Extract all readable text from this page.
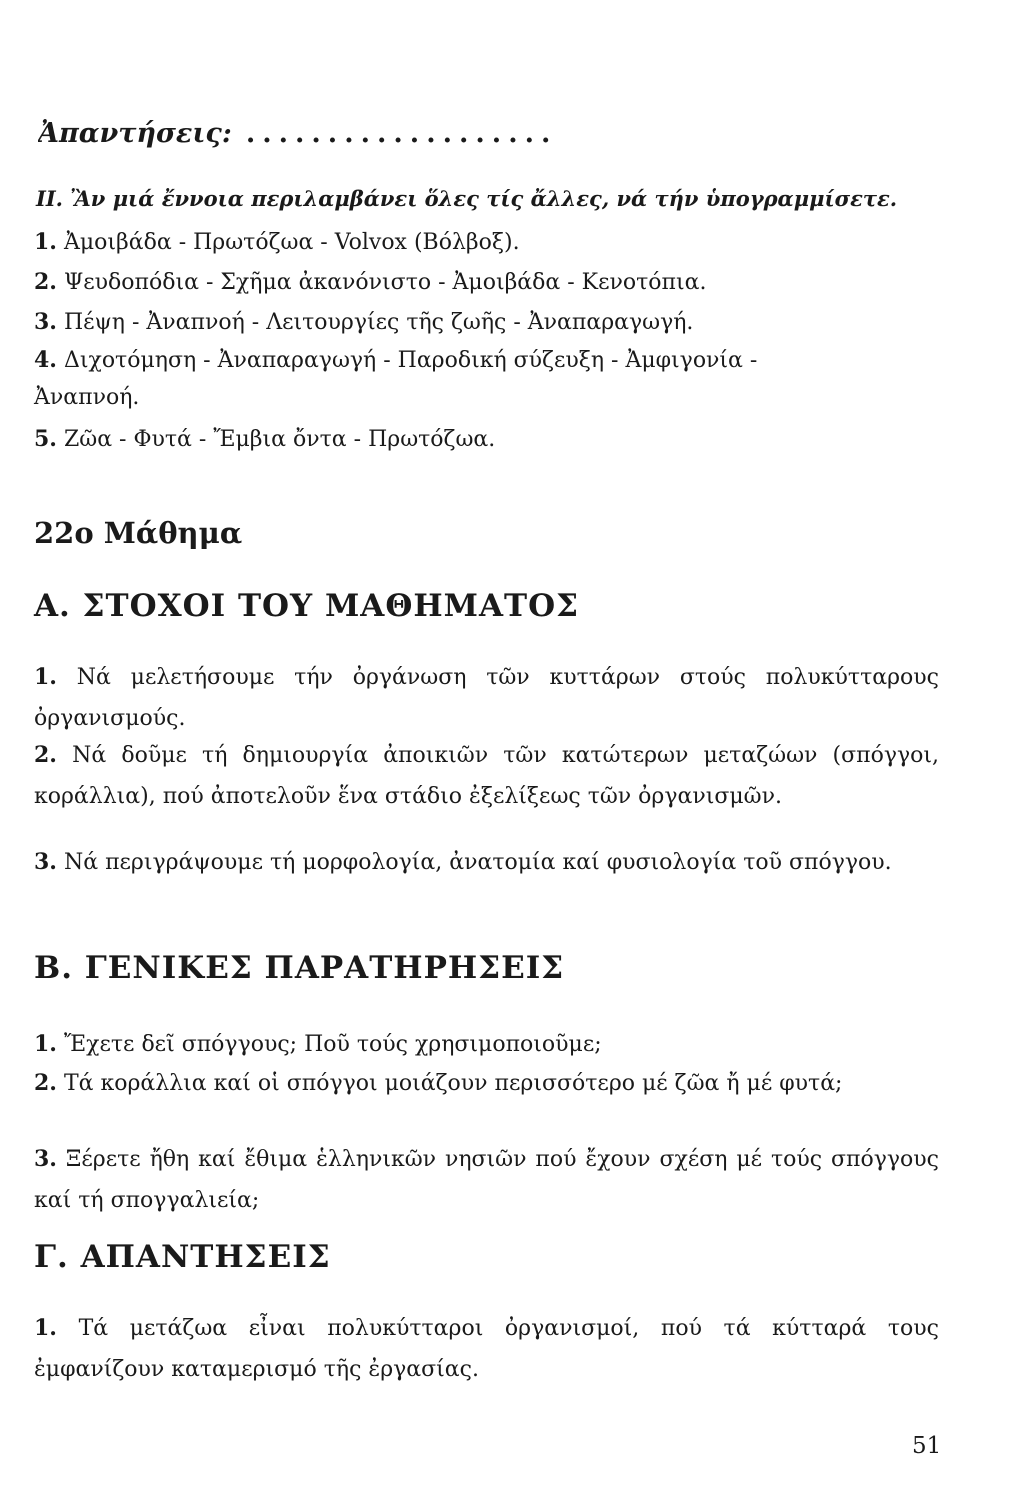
Ἀπαντήσεις: ...................
II. Ἂν μιά ἔννοια περιλαμβάνει ὅλες τίς ἄλλες, νά τήν ὑπογραμμίσετε.
1. Ἀμοιβάδα - Πρωτόζωα - Volvox (Βόλβοξ).
2. Ψευδοπόδια - Σχῆμα ἀκανόνιστο - Ἀμοιβάδα - Κενοτόπια.
3. Πέψη - Ἀναπνοή - Λειτουργίες τῆς ζωῆς - Ἀναπαραγωγή.
4. Διχοτόμηση - Ἀναπαραγωγή - Παροδική σύζευξη - Ἀμφιγονία -
Ἀναπνοή.
5. Ζῶα - Φυτά - Ἔμβια ὄντα - Πρωτόζωα.
22ο Μάθημα
Α. ΣΤΟΧΟΙ ΤΟΥ ΜΑΘΗΜΑΤΟΣ
1. Νά μελετήσουμε τήν ὀργάνωση τῶν κυττάρων στούς πολυκύτταρους ὀργανισμούς.
2. Νά δοῦμε τή δημιουργία ἀποικιῶν τῶν κατώτερων μεταζώων (σπόγγοι, κοράλλια), πού ἀποτελοῦν ἕνα στάδιο ἐξελίξεως τῶν ὀργανισμῶν.
3. Νά περιγράψουμε τή μορφολογία, ἀνατομία καί φυσιολογία τοῦ σπόγγου.
Β. ΓΕΝΙΚΕΣ ΠΑΡΑΤΗΡΗΣΕΙΣ
1. Ἔχετε δεῖ σπόγγους; Ποῦ τούς χρησιμοποιοῦμε;
2. Τά κοράλλια καί οἱ σπόγγοι μοιάζουν περισσότερο μέ ζῶα ἤ μέ φυτά;
3. Ξέρετε ἤθη καί ἔθιμα ἑλληνικῶν νησιῶν πού ἔχουν σχέση μέ τούς σπόγγους καί τή σπογγαλιεία;
Γ. ΑΠΑΝΤΗΣΕΙΣ
1. Τά μετάζωα εἶναι πολυκύτταροι ὀργανισμοί, πού τά κύτταρά τους ἐμφανίζουν καταμερισμό τῆς ἐργασίας.
51
